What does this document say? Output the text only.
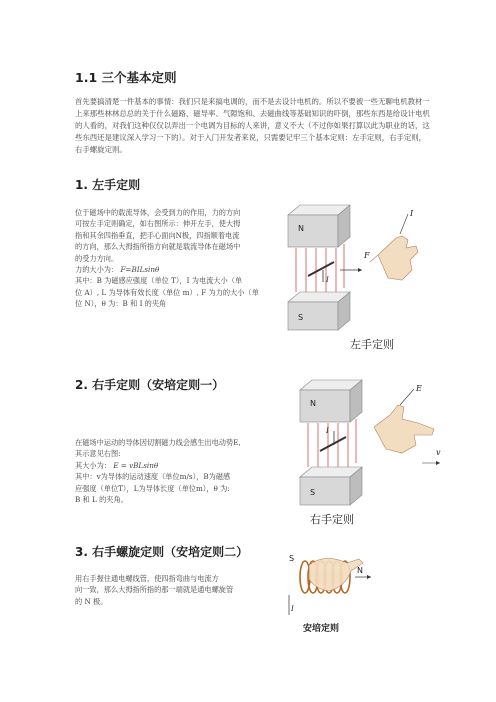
1.1 三个基本定则
首先要搞清楚一件基本的事情：我们只是来搞电调的，而不是去设计电机的。所以不要被一些无聊电机教材一上来那些林林总总的关于什么磁路、磁导率、气隙饱和、去磁曲线等基础知识的吓倒，那些东西是给设计电机的人看的，对我们这种仅仅以弄出一个电调为目标的人来讲，意义不大（不过你如果打算以此为职业的话，这些东西还是建议深入学习一下的）。对于入门开发者来说，只需要记牢三个基本定则：左手定则，右手定则，右手螺旋定则。
1. 左手定则

位于磁场中的载流导体，会受到力的作用，力的方向

可按左手定则确定，如右图所示：伸开左手，使大拇

指和其余四指垂直，把手心面向N极，四指顺着电流

的方向，那么大拇指所指方向就是载流导体在磁场中

的受力方向。

力的大小为： F=BILsinθ

其中：B 为磁感应强度（单位 T），I 为电流大小（单

位 A）, L 为导体有效长度（单位 m）, F 为力的大小（单

位 N），θ 为：B 和 I 的夹角

N
I
F
S
I
左手定则
2. 右手定则（安培定则一）

在磁场中运动的导体因切割磁力线会感生出电动势E,

其示意见右图:

其大小为： E = vBLsinθ

其中：v为导体的运动速度（单位m/s），B为磁感

应强度（单位T），L为导体长度（单位m），θ 为:

B 和 L 的夹角。

N
I
S
E
v
右手定则
3. 右手螺旋定则（安培定则二）

用右手握住通电螺线管，使四指弯曲与电流方

向一致，那么大拇指所指的那一端就是通电螺旋管

的 N 极。

S
N
I
安培定则
